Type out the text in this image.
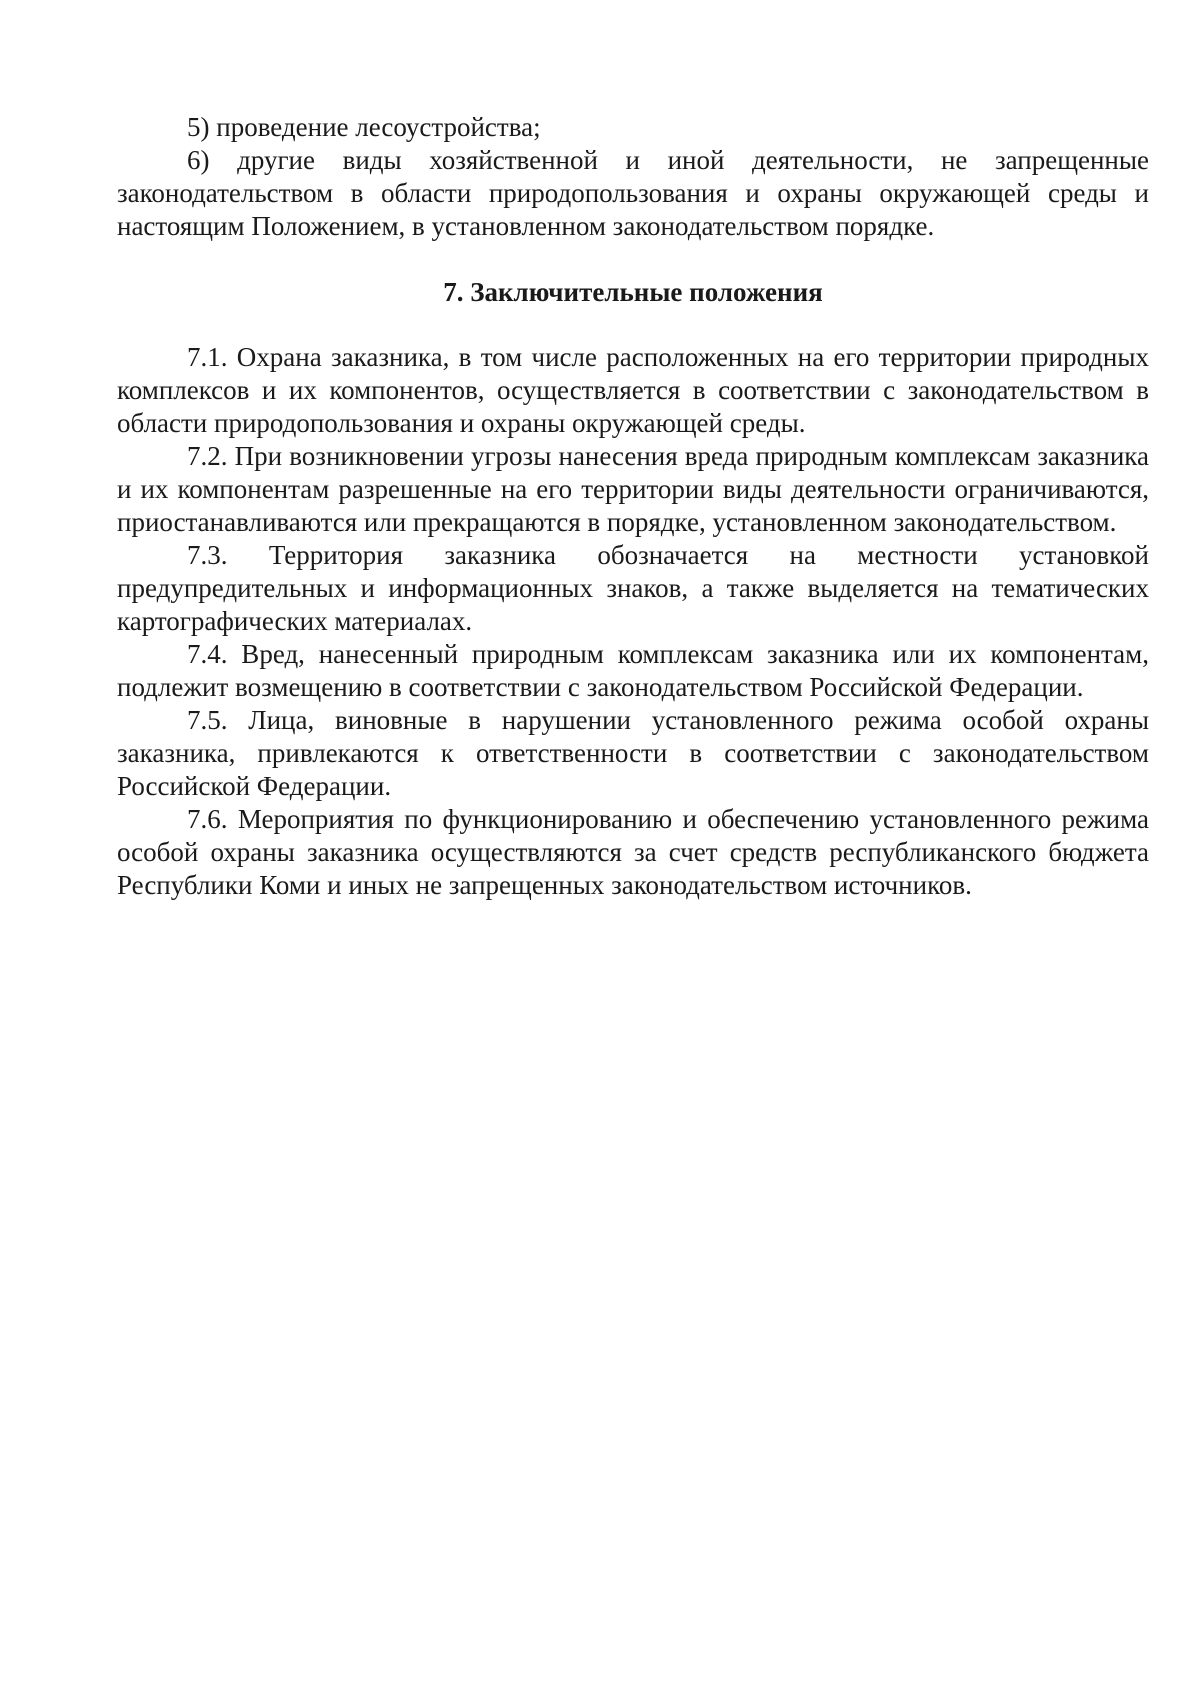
5) проведение лесоустройства;

6) другие виды хозяйственной и иной деятельности, не запрещенные законодательством в области природопользования и охраны окружающей среды и настоящим Положением, в установленном законодательством порядке.

7. Заключительные положения

7.1. Охрана заказника, в том числе расположенных на его территории природных комплексов и их компонентов, осуществляется в соответствии с законодательством в области природопользования и охраны окружающей среды.

7.2. При возникновении угрозы нанесения вреда природным комплексам заказника и их компонентам разрешенные на его территории виды деятельности ограничиваются, приостанавливаются или прекращаются в порядке, установленном законодательством.

7.3. Территория заказника обозначается на местности установкой предупредительных и информационных знаков, а также выделяется на тематических картографических материалах.

7.4. Вред, нанесенный природным комплексам заказника или их компонентам, подлежит возмещению в соответствии с законодательством Российской Федерации.

7.5. Лица, виновные в нарушении установленного режима особой охраны заказника, привлекаются к ответственности в соответствии с законодательством Российской Федерации.

7.6. Мероприятия по функционированию и обеспечению установленного режима особой охраны заказника осуществляются за счет средств республиканского бюджета Республики Коми и иных не запрещенных законодательством источников.
